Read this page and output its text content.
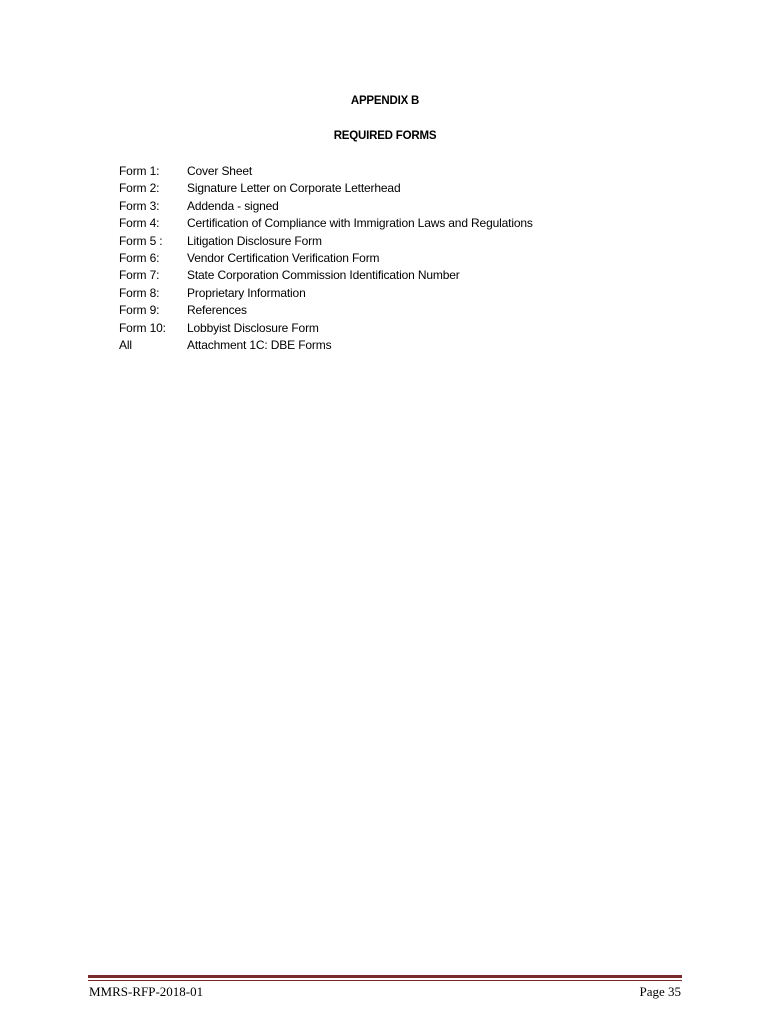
APPENDIX B
REQUIRED FORMS
Form 1:	Cover Sheet
Form 2:	Signature Letter on Corporate Letterhead
Form 3:	Addenda - signed
Form 4:	Certification of Compliance with Immigration Laws and Regulations
Form 5 :	Litigation Disclosure Form
Form 6:	Vendor Certification Verification Form
Form 7:	State Corporation Commission Identification Number
Form 8:	Proprietary Information
Form 9:	References
Form 10:	Lobbyist Disclosure Form
All	Attachment 1C: DBE Forms
MMRS-RFP-2018-01	Page 35
